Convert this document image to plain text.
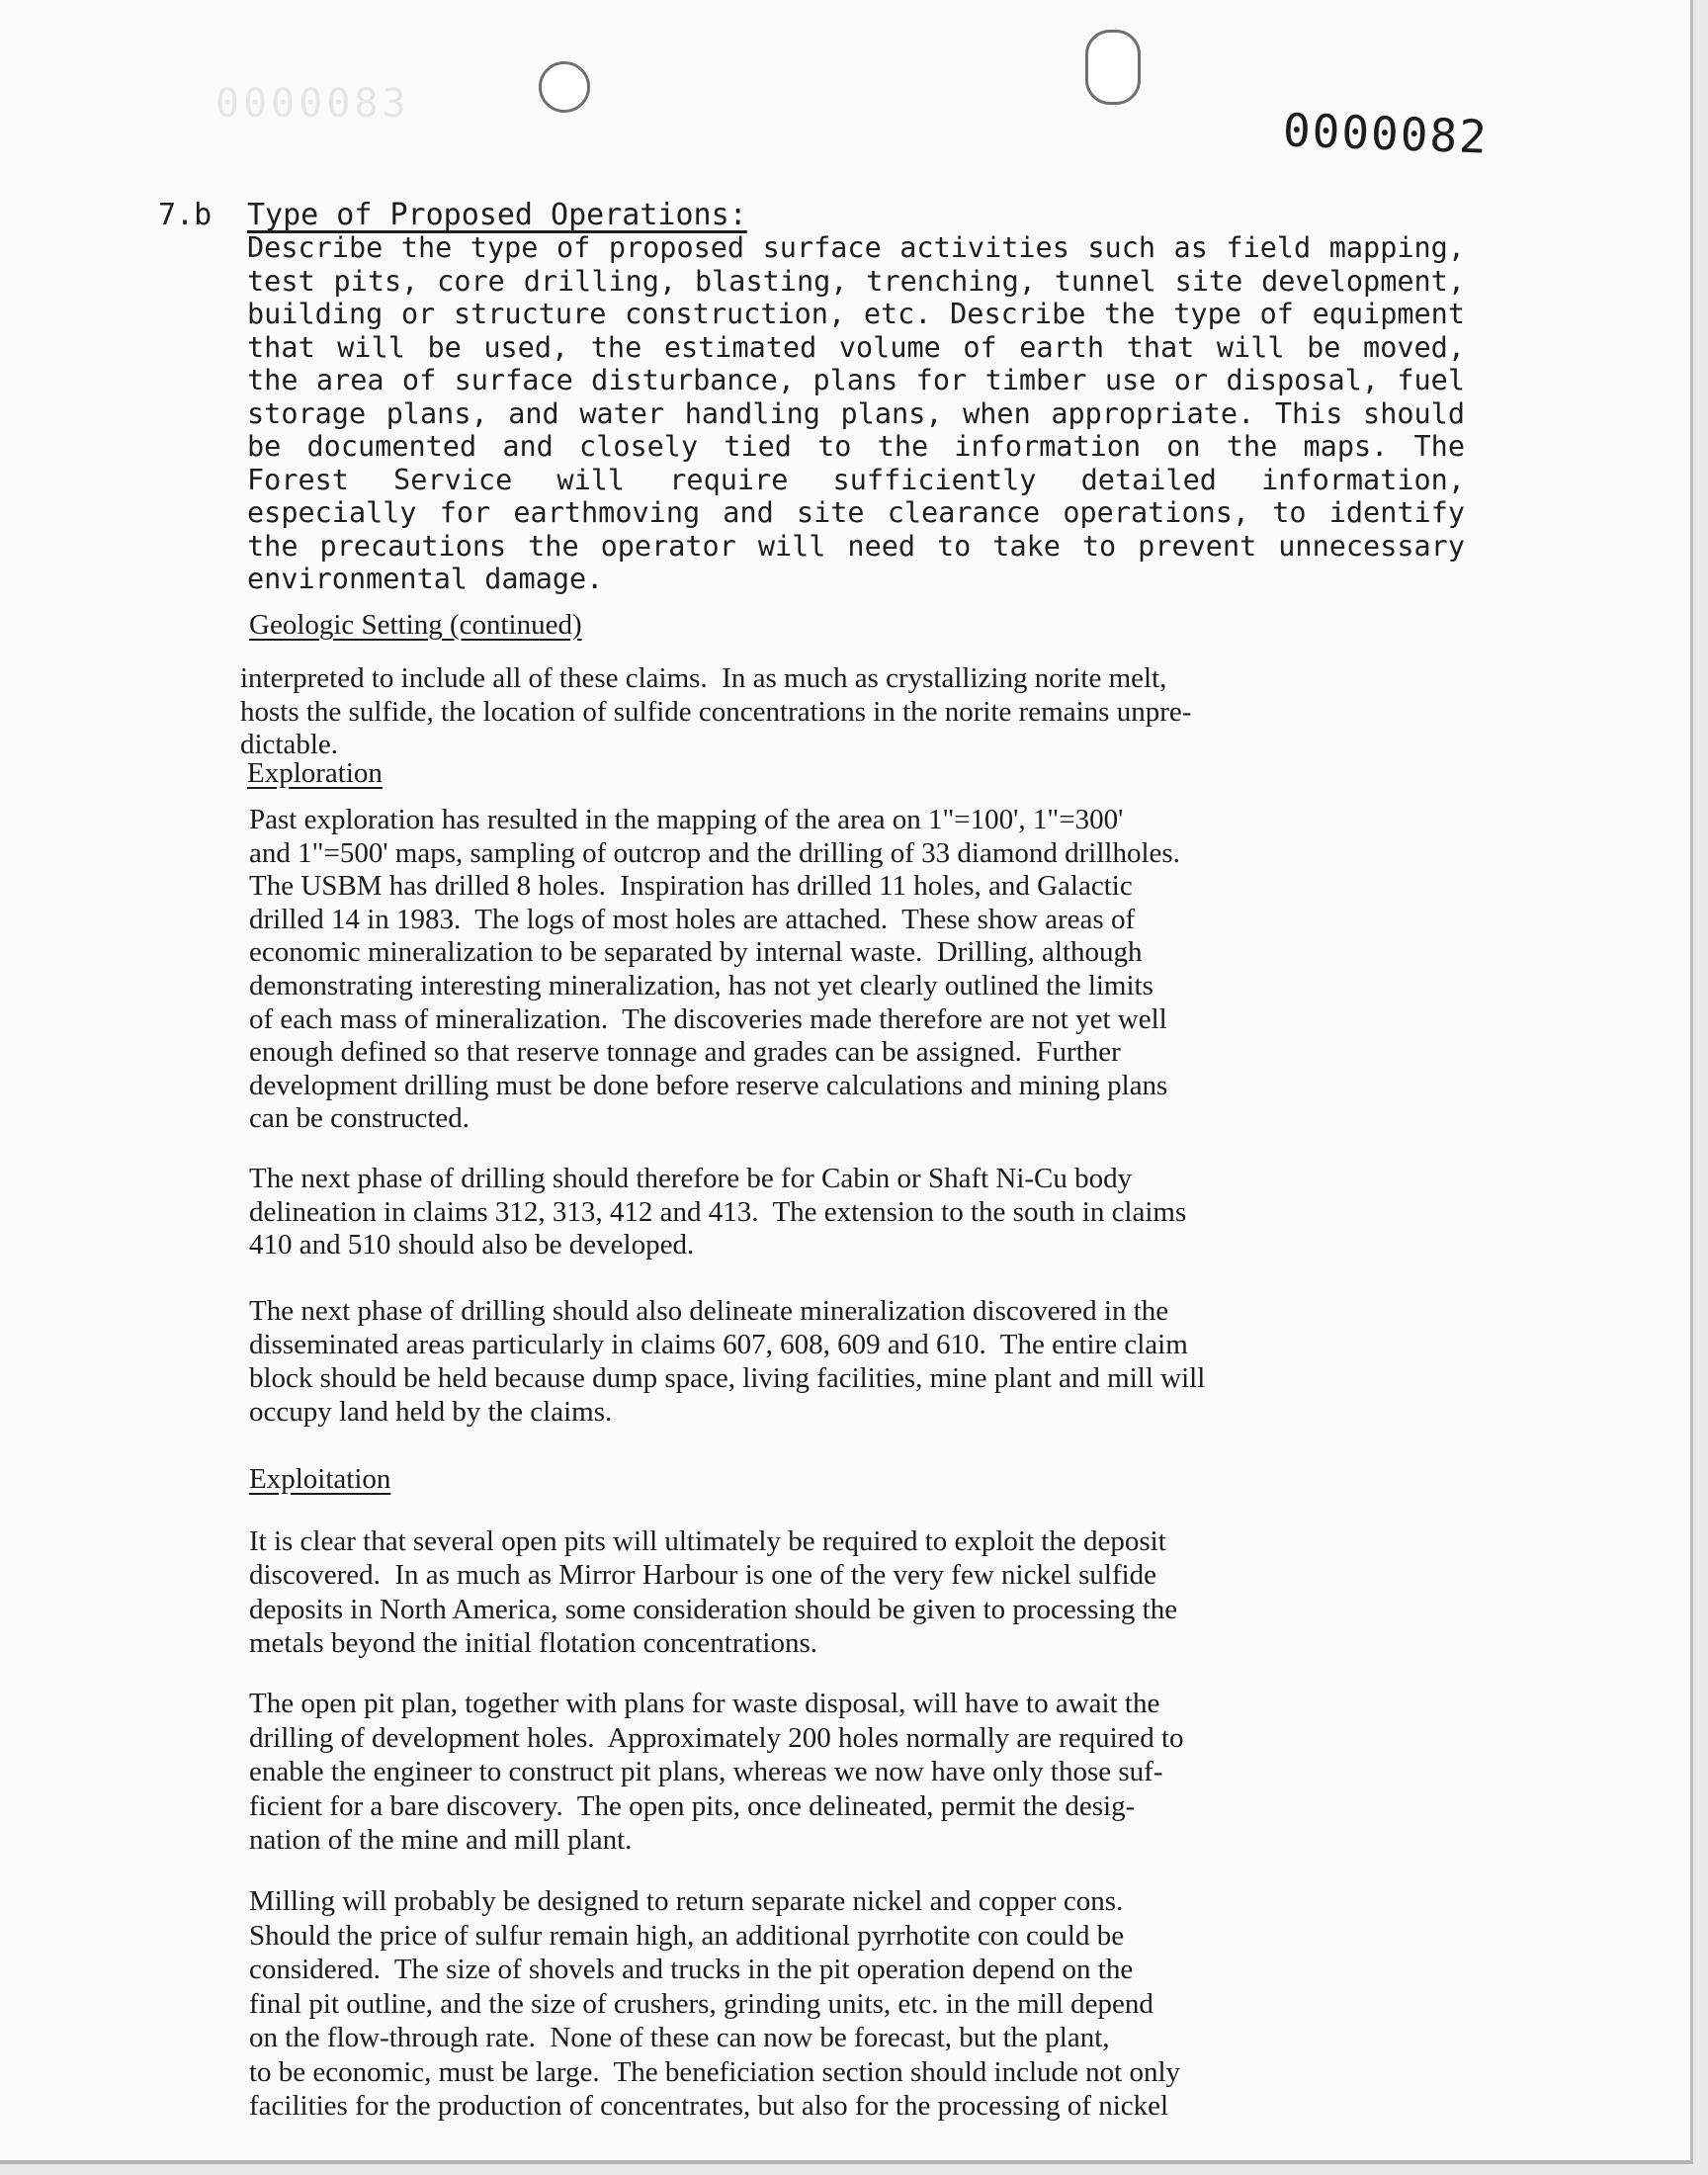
0000083	0000082
7.b Type of Proposed Operations:
Describe the type of proposed surface activities such as field mapping, test pits, core drilling, blasting, trenching, tunnel site development, building or structure construction, etc. Describe the type of equipment that will be used, the estimated volume of earth that will be moved, the area of surface disturbance, plans for timber use or disposal, fuel storage plans, and water handling plans, when appropriate. This should be documented and closely tied to the information on the maps. The Forest Service will require sufficiently detailed information, especially for earthmoving and site clearance operations, to identify the precautions the operator will need to take to prevent unnecessary environmental damage.
Geologic Setting (continued)
interpreted to include all of these claims.  In as much as crystallizing norite melt,
hosts the sulfide, the location of sulfide concentrations in the norite remains unpre-
dictable.
Exploration
Past exploration has resulted in the mapping of the area on 1"=100', 1"=300'
and 1"=500' maps, sampling of outcrop and the drilling of 33 diamond drillholes.
The USBM has drilled 8 holes.  Inspiration has drilled 11 holes, and Galactic
drilled 14 in 1983.  The logs of most holes are attached.  These show areas of
economic mineralization to be separated by internal waste.  Drilling, although
demonstrating interesting mineralization, has not yet clearly outlined the limits
of each mass of mineralization.  The discoveries made therefore are not yet well
enough defined so that reserve tonnage and grades can be assigned.  Further
development drilling must be done before reserve calculations and mining plans
can be constructed.
The next phase of drilling should therefore be for Cabin or Shaft Ni-Cu body
delineation in claims 312, 313, 412 and 413.  The extension to the south in claims
410 and 510 should also be developed.
The next phase of drilling should also delineate mineralization discovered in the
disseminated areas particularly in claims 607, 608, 609 and 610.  The entire claim
block should be held because dump space, living facilities, mine plant and mill will
occupy land held by the claims.
Exploitation
It is clear that several open pits will ultimately be required to exploit the deposit
discovered.  In as much as Mirror Harbour is one of the very few nickel sulfide
deposits in North America, some consideration should be given to processing the
metals beyond the initial flotation concentrations.
The open pit plan, together with plans for waste disposal, will have to await the
drilling of development holes.  Approximately 200 holes normally are required to
enable the engineer to construct pit plans, whereas we now have only those suf-
ficient for a bare discovery.  The open pits, once delineated, permit the desig-
nation of the mine and mill plant.
Milling will probably be designed to return separate nickel and copper cons.
Should the price of sulfur remain high, an additional pyrrhotite con could be
considered.  The size of shovels and trucks in the pit operation depend on the
final pit outline, and the size of crushers, grinding units, etc. in the mill depend
on the flow-through rate.  None of these can now be forecast, but the plant,
to be economic, must be large.  The beneficiation section should include not only
facilities for the production of concentrates, but also for the processing of nickel
